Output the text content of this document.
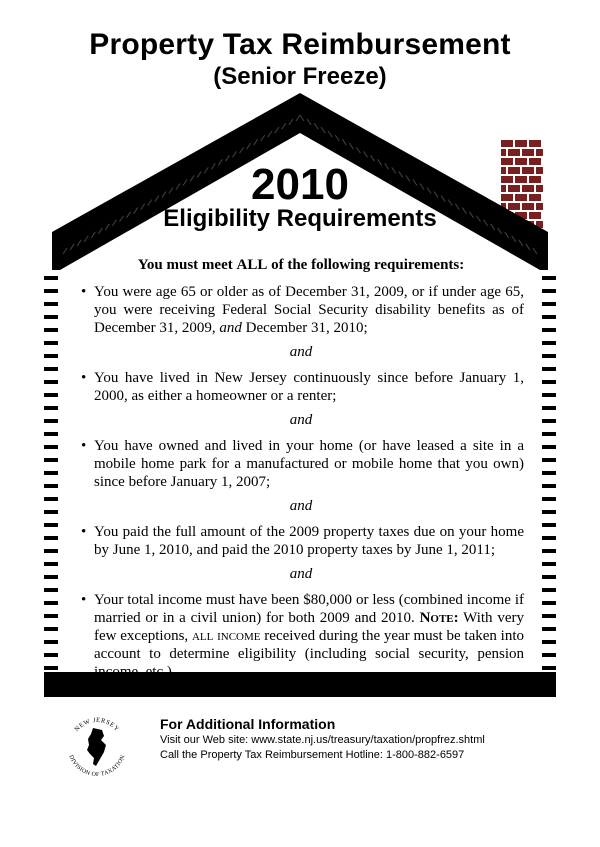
Property Tax Reimbursement
(Senior Freeze)
2010
Eligibility Requirements
You must meet ALL of the following requirements:
• You were age 65 or older as of December 31, 2009, or if under age 65, you were receiving Federal Social Security disability benefits as of December 31, 2009, and December 31, 2010;
and
• You have lived in New Jersey continuously since before January 1, 2000, as either a homeowner or a renter;
and
• You have owned and lived in your home (or have leased a site in a mobile home park for a manufactured or mobile home that you own) since before January 1, 2007;
and
• You paid the full amount of the 2009 property taxes due on your home by June 1, 2010, and paid the 2010 property taxes by June 1, 2011;
and
• Your total income must have been $80,000 or less (combined income if married or in a civil union) for both 2009 and 2010. Note: With very few exceptions, all income received during the year must be taken into account to determine eligibility (including social security, pension income, etc.).
NEW JERSEY
DIVISION OF TAXATION
For Additional Information
Visit our Web site: www.state.nj.us/treasury/taxation/propfrez.shtml
Call the Property Tax Reimbursement Hotline: 1-800-882-6597
